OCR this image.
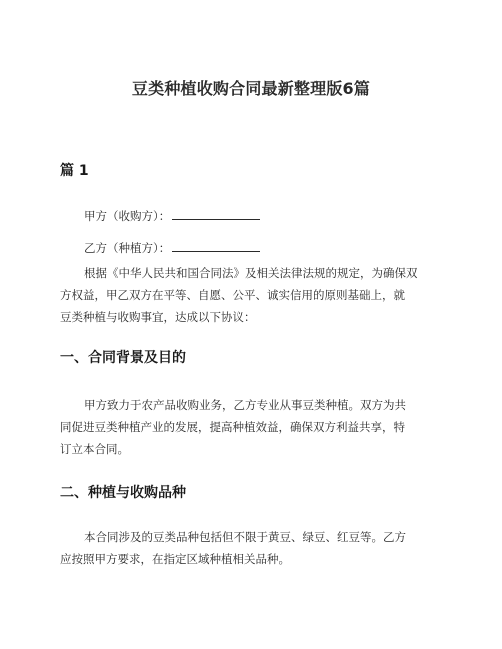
豆类种植收购合同最新整理版6篇
篇 1
甲方（收购方）：
乙方（种植方）：
根据《中华人民共和国合同法》及相关法律法规的规定，为确保双
方权益，甲乙双方在平等、自愿、公平、诚实信用的原则基础上，就
豆类种植与收购事宜，达成以下协议：
一、合同背景及目的
甲方致力于农产品收购业务，乙方专业从事豆类种植。双方为共
同促进豆类种植产业的发展，提高种植效益，确保双方利益共享，特
订立本合同。
二、种植与收购品种
本合同涉及的豆类品种包括但不限于黄豆、绿豆、红豆等。乙方
应按照甲方要求，在指定区域种植相关品种。
